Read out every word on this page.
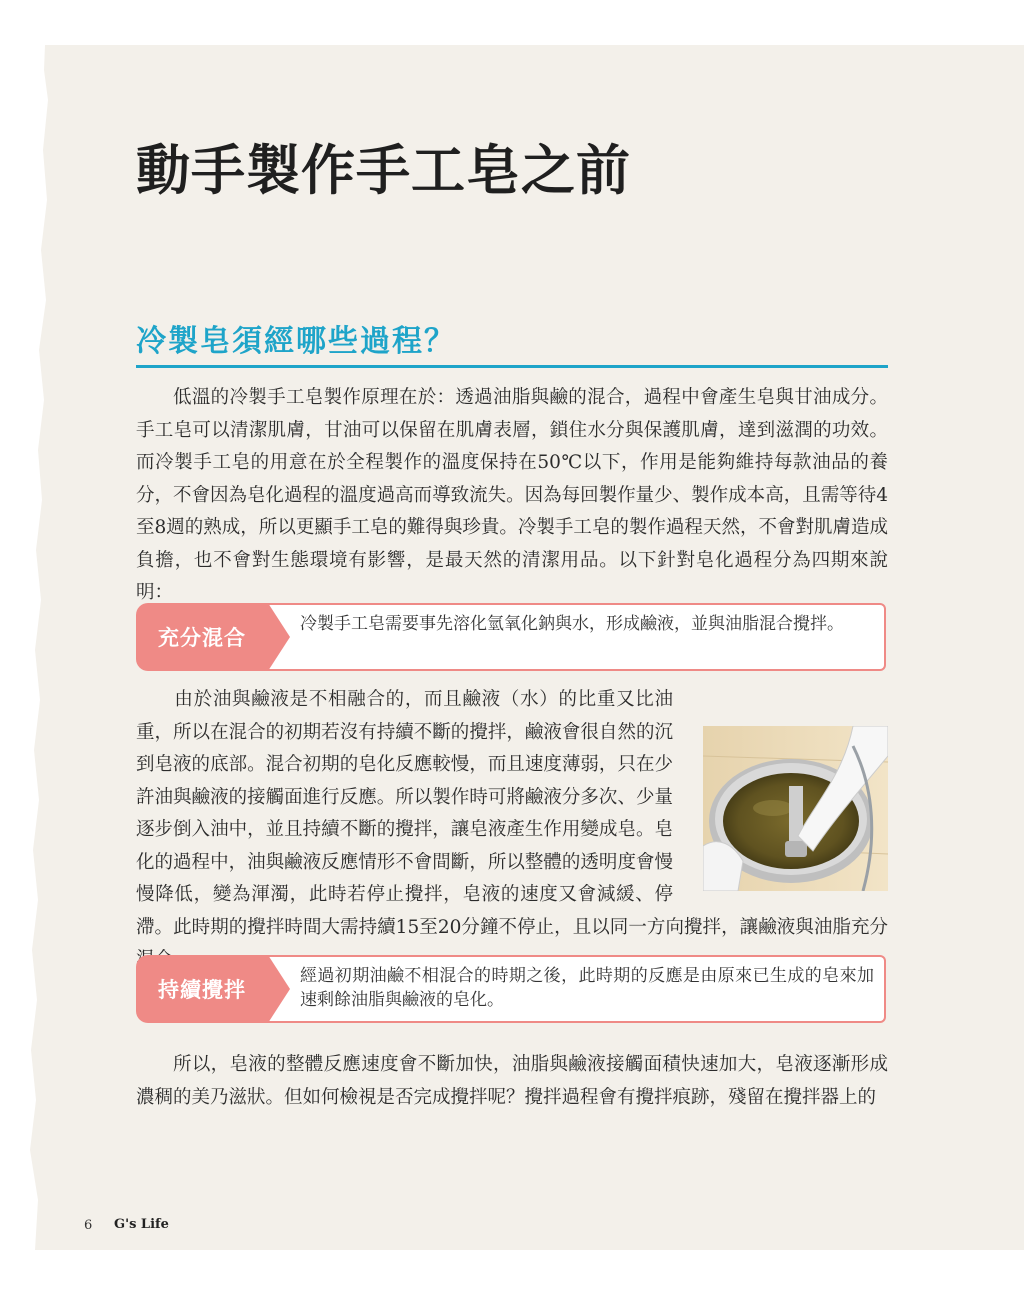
動手製作手工皂之前
冷製皂須經哪些過程？

低溫的冷製手工皂製作原理在於：透過油脂與鹼的混合，過程中會產生皂與甘油成分。手工皂可以清潔肌膚，甘油可以保留在肌膚表層，鎖住水分與保護肌膚，達到滋潤的功效。而冷製手工皂的用意在於全程製作的溫度保持在50℃以下，作用是能夠維持每款油品的養分，不會因為皂化過程的溫度過高而導致流失。因為每回製作量少、製作成本高，且需等待4至8週的熟成，所以更顯手工皂的難得與珍貴。冷製手工皂的製作過程天然，不會對肌膚造成負擔，也不會對生態環境有影響，是最天然的清潔用品。以下針對皂化過程分為四期來說明：

充分混合

冷製手工皂需要事先溶化氫氧化鈉與水，形成鹼液，並與油脂混合攪拌。

　　由於油與鹼液是不相融合的，而且鹼液（水）的比重又比油重，所以在混合的初期若沒有持續不斷的攪拌，鹼液會很自然的沉到皂液的底部。混合初期的皂化反應較慢，而且速度薄弱，只在少許油與鹼液的接觸面進行反應。所以製作時可將鹼液分多次、少量逐步倒入油中，並且持續不斷的攪拌，讓皂液產生作用變成皂。皂化的過程中，油與鹼液反應情形不會間斷，所以整體的透明度會慢慢降低，變為渾濁，此時若停止攪拌，皂液的速度又會減緩、停滯。此時期的攪拌時間大需持續15至20分鐘不停止，且以同一方向攪拌，讓鹼液與油脂充分
持續攪拌

經過初期油鹼不相混合的時期之後，此時期的反應是由原來已生成的皂來加速剩餘油脂與鹼液的皂化。

所以，皂液的整體反應速度會不斷加快，油脂與鹼液接觸面積快速加大，皂液逐漸形成濃稠的美乃滋狀。但如何檢視是否完成攪拌呢？攪拌過程會有攪拌痕跡，殘留在攪拌器上的

6 G's Life
